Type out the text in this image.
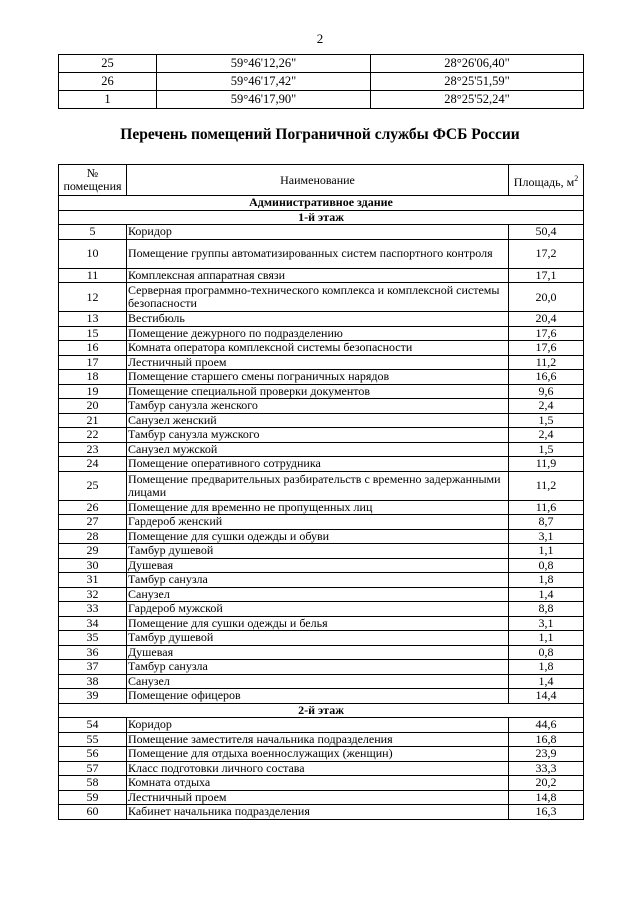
2
25	59°46'12,26"	28°26'06,40"
26	59°46'17,42"	28°25'51,59"
1	59°46'17,90"	28°25'52,24"
Перечень помещений Пограничной службы ФСБ России
№ помещения	Наименование	Площадь, $м^2$
Административное здание		
1-й этаж		
5	Коридор	50,4
10	Помещение группы автоматизированных систем паспортного контроля	17,2
11	Комплексная аппаратная связи	17,1
12	Серверная программно-технического комплекса и комплексной системы безопасности	20,0
13	Вестибюль	20,4
15	Помещение дежурного по подразделению	17,6
16	Комната оператора комплексной системы безопасности	17,6
17	Лестничный проем	11,2
18	Помещение старшего смены пограничных нарядов	16,6
19	Помещение специальной проверки документов	9,6
20	Тамбур санузла женского	2,4
21	Санузел женский	1,5
22	Тамбур санузла мужского	2,4
23	Санузел мужской	1,5
24	Помещение оперативного сотрудника	11,9
25	Помещение предварительных разбирательств с временно задержанными лицами	11,2
26	Помещение для временно не пропущенных лиц	11,6
27	Гардероб женский	8,7
28	Помещение для сушки одежды и обуви	3,1
29	Тамбур душевой	1,1
30	Душевая	0,8
31	Тамбур санузла	1,8
32	Санузел	1,4
33	Гардероб мужской	8,8
34	Помещение для сушки одежды и белья	3,1
35	Тамбур душевой	1,1
36	Душевая	0,8
37	Тамбур санузла	1,8
38	Санузел	1,4
39	Помещение офицеров	14,4
2-й этаж		
54	Коридор	44,6
55	Помещение заместителя начальника подразделения	16,8
56	Помещение для отдыха военнослужащих (женщин)	23,9
57	Класс подготовки личного состава	33,3
58	Комната отдыха	20,2
59	Лестничный проем	14,8
60	Кабинет начальника подразделения	16,3
